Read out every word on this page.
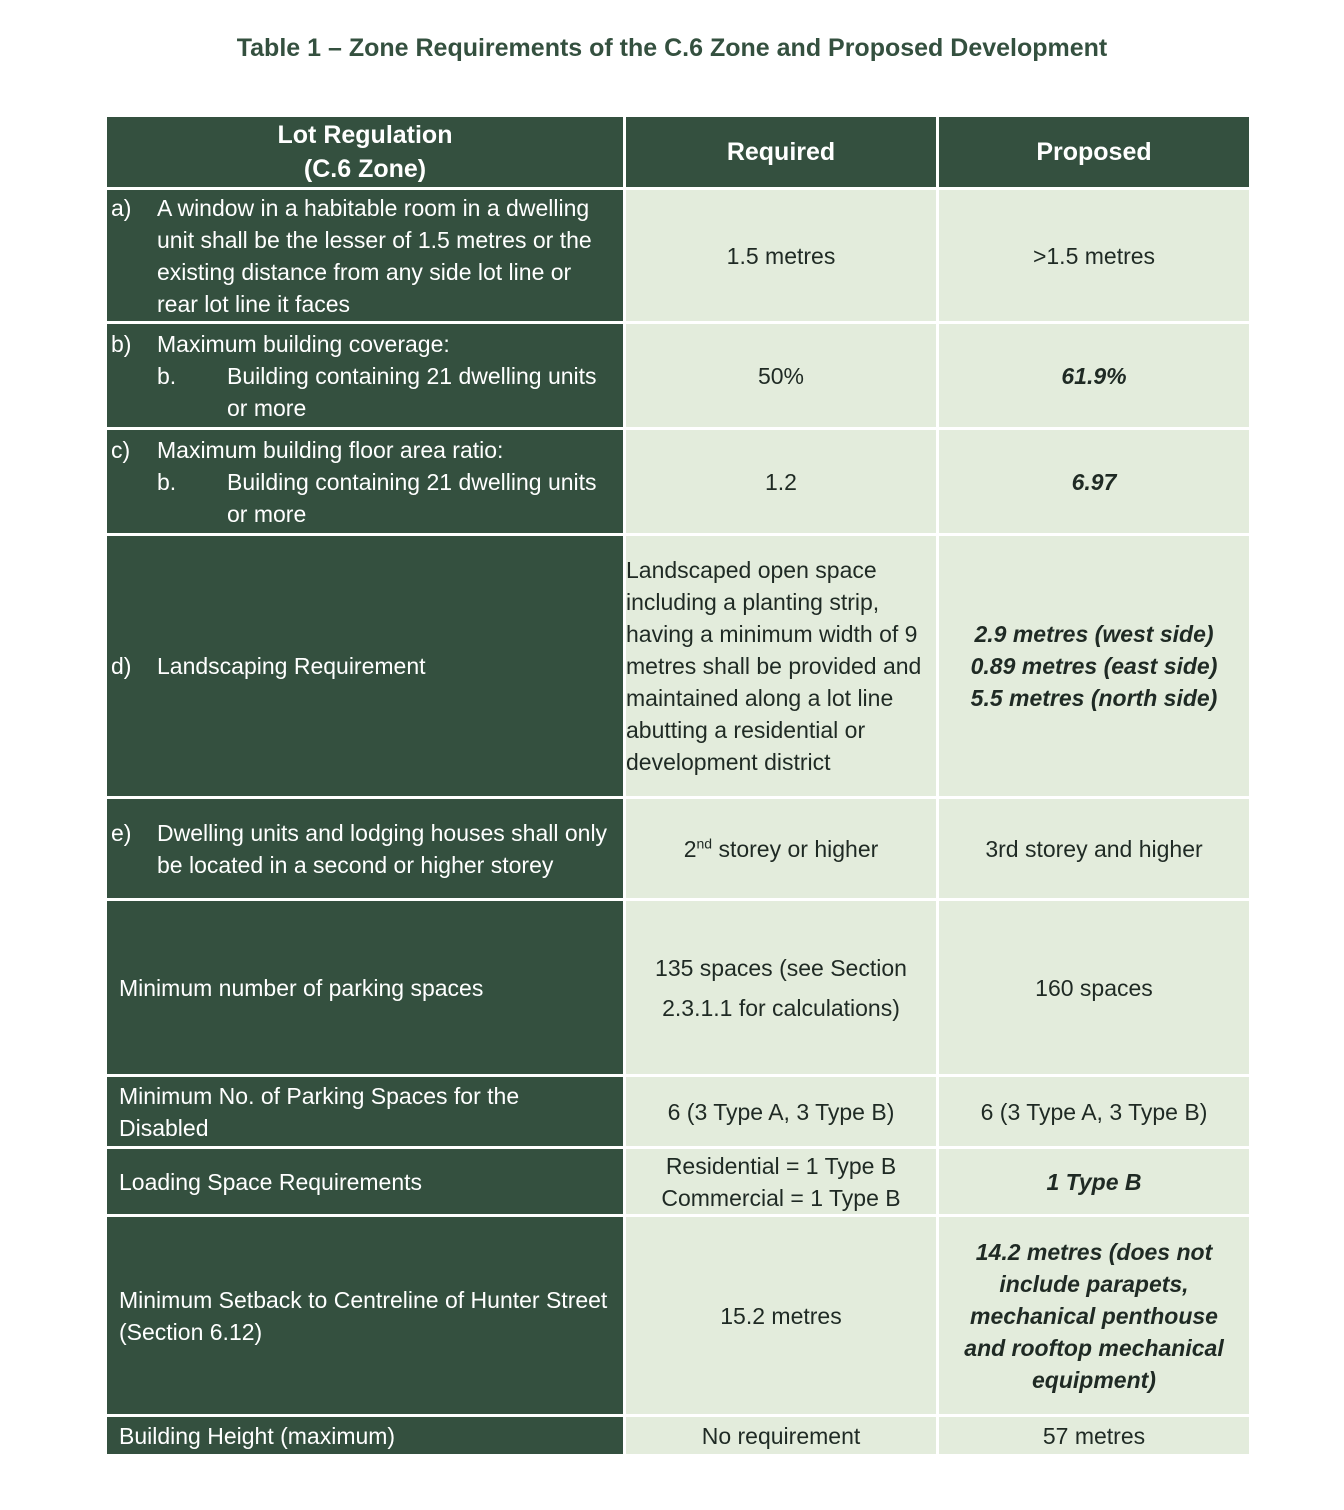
Table 1 – Zone Requirements of the C.6 Zone and Proposed Development
Lot Regulation
(C.6 Zone)	Required	Proposed

a) A window in a habitable room in a dwelling unit shall be the lesser of 1.5 metres or the existing distance from any side lot line or rear lot line it faces	1.5 metres	>1.5 metres

b) Maximum building coverage:
b. Building containing 21 dwelling units or more	50%	61.9%

c) Maximum building floor area ratio:
b. Building containing 21 dwelling units or more	1.2	6.97

d) Landscaping Requirement	Landscaped open space including a planting strip, having a minimum width of 9 metres shall be provided and maintained along a lot line abutting a residential or development district	2.9 metres (west side)
0.89 metres (east side)
5.5 metres (north side)

e) Dwelling units and lodging houses shall only be located in a second or higher storey	2nd storey or higher	3rd storey and higher

Minimum number of parking spaces	135 spaces (see Section 2.3.1.1 for calculations)	160 spaces

Minimum No. of Parking Spaces for the Disabled	6 (3 Type A, 3 Type B)	6 (3 Type A, 3 Type B)

Loading Space Requirements	Residential = 1 Type B
Commercial = 1 Type B	1 Type B

Minimum Setback to Centreline of Hunter Street (Section 6.12)	15.2 metres	14.2 metres (does not include parapets, mechanical penthouse and rooftop mechanical equipment)

Building Height (maximum)	No requirement	57 metres
